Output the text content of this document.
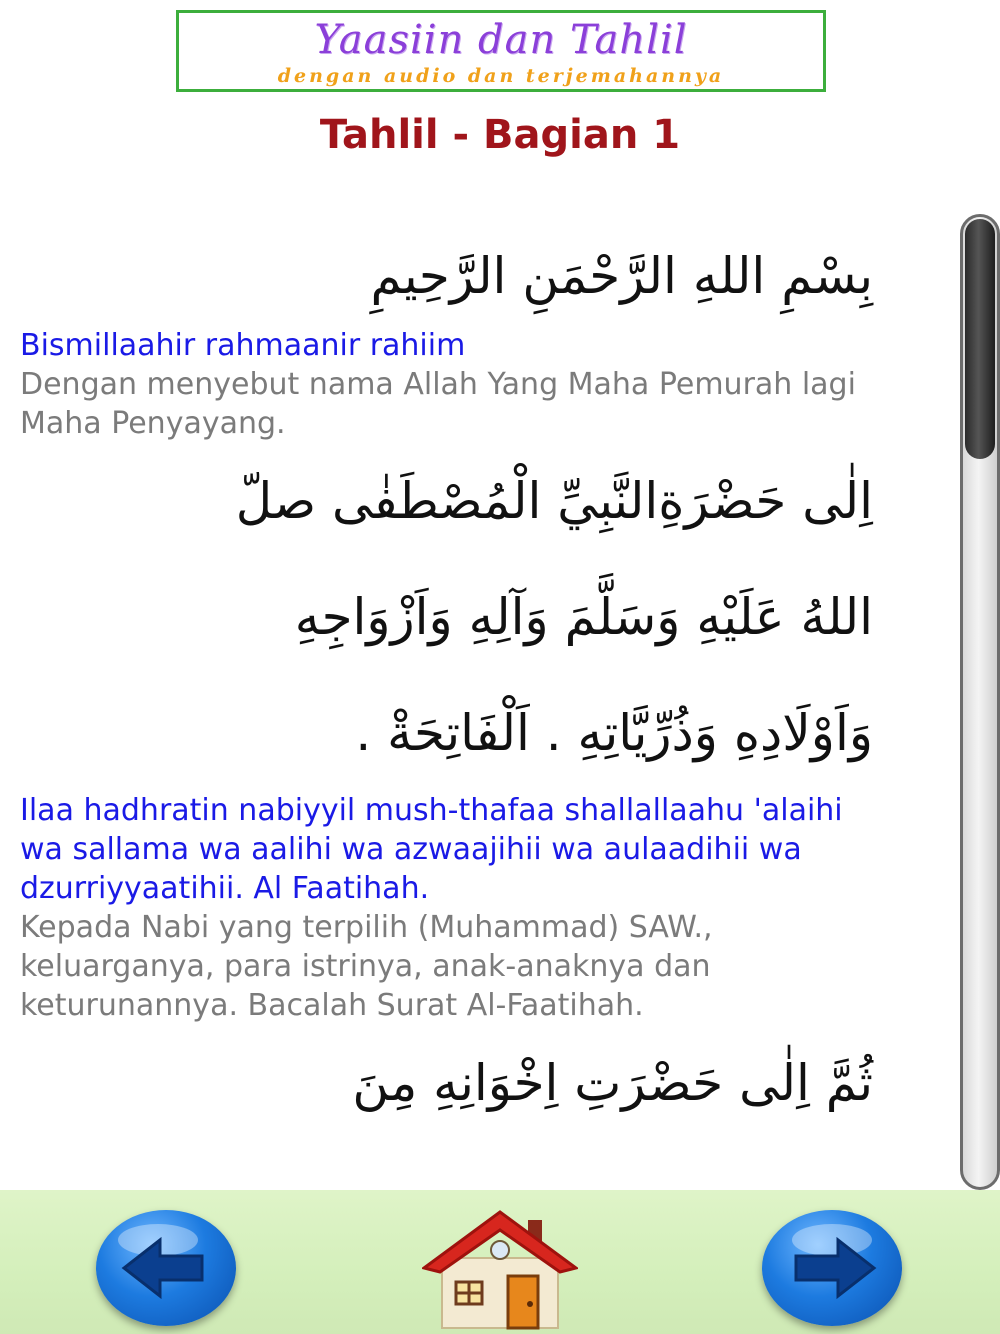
Yaasiin dan Tahlil
dengan audio dan terjemahannya
Tahlil - Bagian 1
بِسْمِ اللهِ الرَّحْمَنِ الرَّحِيمِ
Bismillaahir rahmaanir rahiim
Dengan menyebut nama Allah Yang Maha Pemurah lagi Maha Penyayang.
اِلٰى حَضْرَةِالنَّبِيِّ الْمُصْطَفٰى صلّ
اللهُ عَلَيْهِ وَسَلَّمَ وَآلِهِ وَاَزْوَاجِهِ
وَاَوْلَادِهِ وَذُرِّيَّاتِهِ . اَلْفَاتِحَةْ .
Ilaa hadhratin nabiyyil mush-thafaa shallallaahu 'alaihi wa sallama wa aalihi wa azwaajihii wa aulaadihii wa dzurriyyaatihii. Al Faatihah.
Kepada Nabi yang terpilih (Muhammad) SAW., keluarganya, para istrinya, anak-anaknya dan keturunannya. Bacalah Surat Al-Faatihah.
ثُمَّ اِلٰى حَضْرَتِ اِخْوَانِهِ مِنَ
